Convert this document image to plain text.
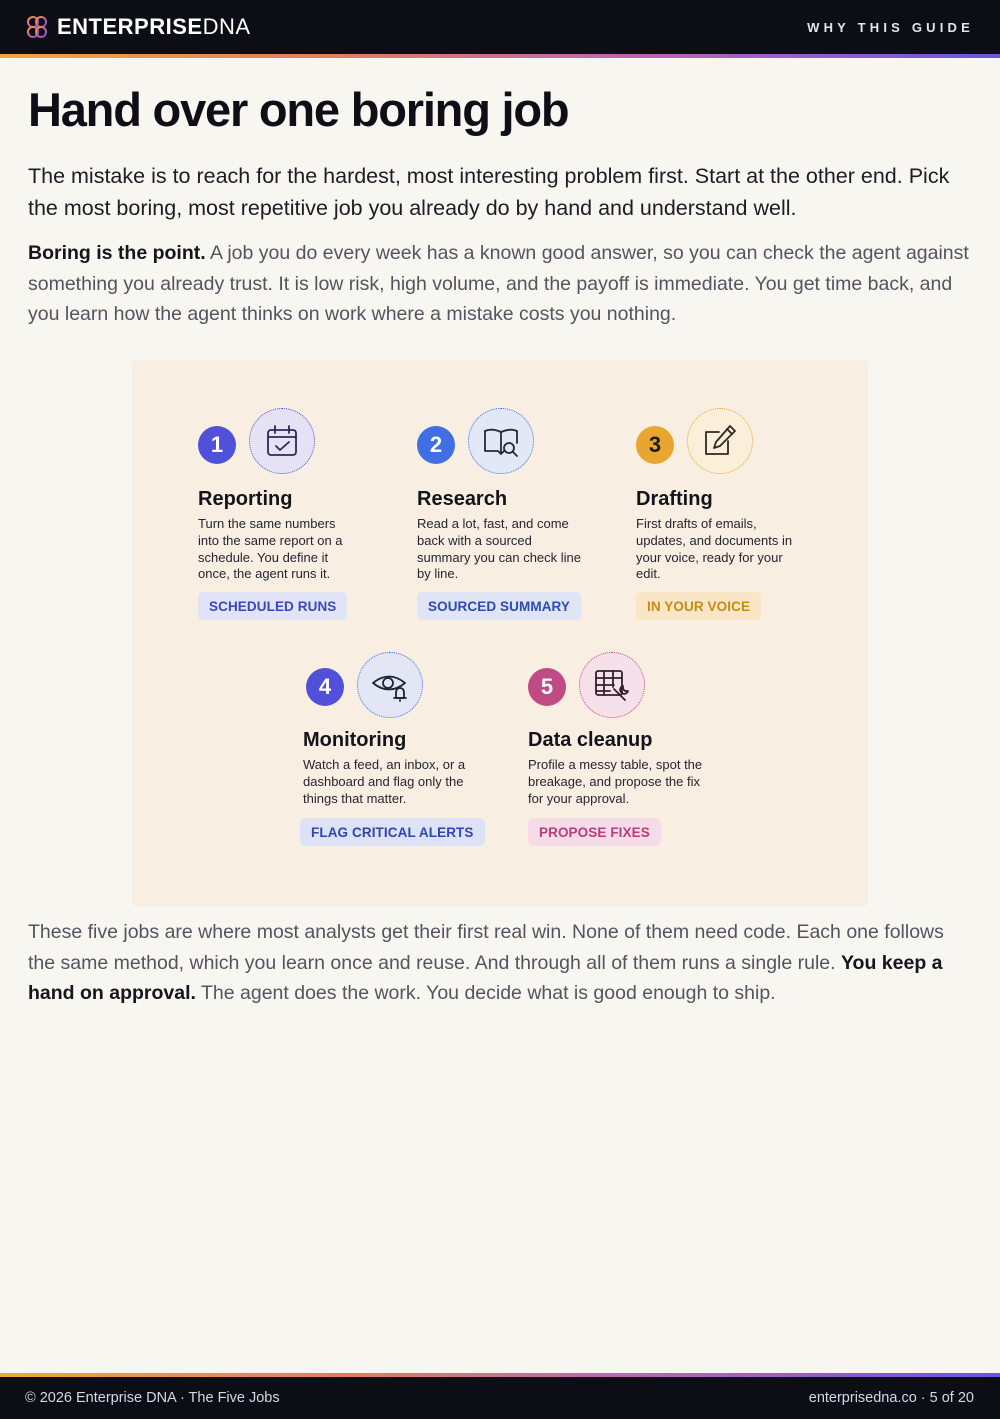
ENTERPRISEDNA	WHY THIS GUIDE
Hand over one boring job

The mistake is to reach for the hardest, most interesting problem first. Start at the other end. Pick the most boring, most repetitive job you already do by hand and understand well.

Boring is the point. A job you do every week has a known good answer, so you can check the agent against something you already trust. It is low risk, high volume, and the payoff is immediate. You get time back, and you learn how the agent thinks on work where a mistake costs you nothing.

1
Reporting
Turn the same numbers into the same report on a schedule. You define it once, the agent runs it.
SCHEDULED RUNS
2
Research
Read a lot, fast, and come back with a sourced summary you can check line by line.
SOURCED SUMMARY
3
Drafting
First drafts of emails, updates, and documents in your voice, ready for your edit.
IN YOUR VOICE
4
Monitoring
Watch a feed, an inbox, or a dashboard and flag only the things that matter.
FLAG CRITICAL ALERTS
5
Data cleanup
Profile a messy table, spot the breakage, and propose the fix for your approval.
PROPOSE FIXES

These five jobs are where most analysts get their first real win. None of them need code. Each one follows the same method, which you learn once and reuse. And through all of them runs a single rule. You keep a hand on approval. The agent does the work. You decide what is good enough to ship.

© 2026 Enterprise DNA · The Five Jobs	enterprisedna.co · 5 of 20
